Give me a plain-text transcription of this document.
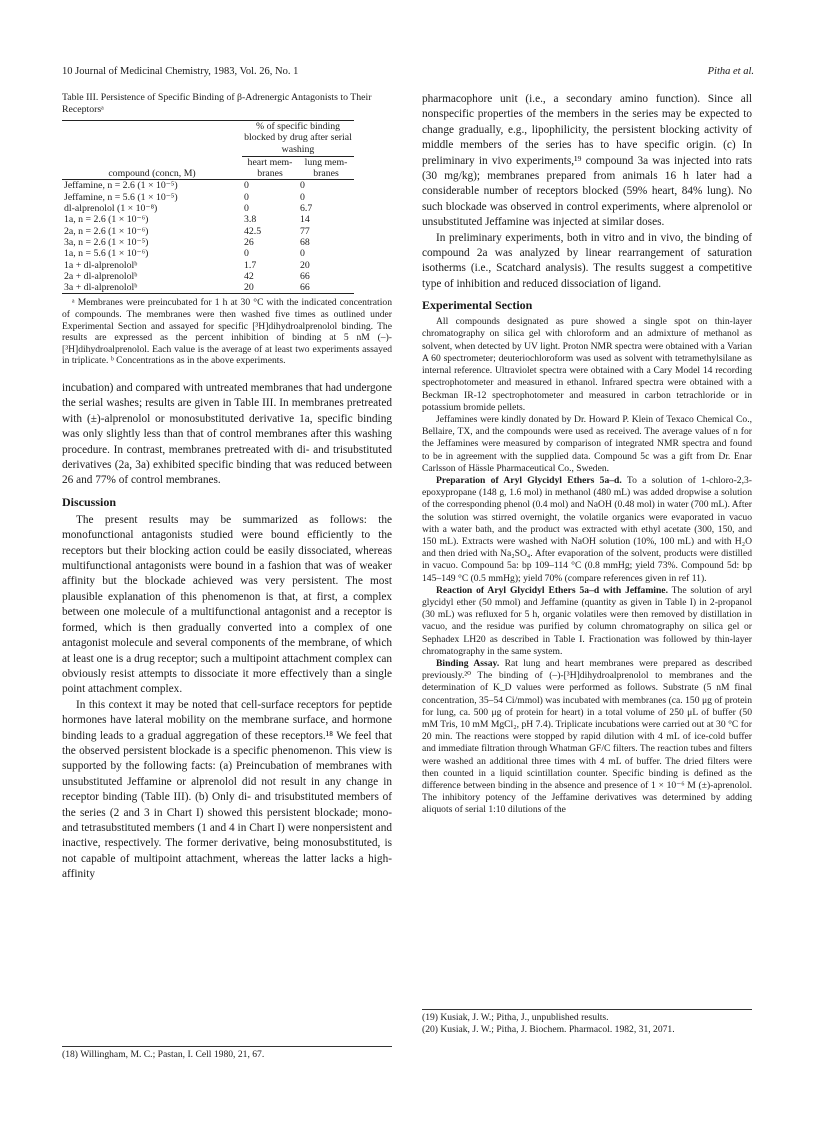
10 Journal of Medicinal Chemistry, 1983, Vol. 26, No. 1	Pitha et al.
Table III. Persistence of Specific Binding of β-Adrenergic Antagonists to Their Receptorsᵃ
	% of specific binding blocked by drug after serial washing	
compound (concn, M)	heart mem- branes	lung mem- branes
Jeffamine, n = 2.6 (1 × 10⁻⁵)	0	0
Jeffamine, n = 5.6 (1 × 10⁻⁵)	0	0
dl-alprenolol (1 × 10⁻⁸)	0	6.7
1a, n = 2.6 (1 × 10⁻⁶)	3.8	14
2a, n = 2.6 (1 × 10⁻⁶)	42.5	77
3a, n = 2.6 (1 × 10⁻⁵)	26	68
1a, n = 5.6 (1 × 10⁻⁶)	0	0
1a + dl-alprenololᵇ	1.7	20
2a + dl-alprenololᵇ	42	66
3a + dl-alprenololᵇ	20	66

ᵃ Membranes were preincubated for 1 h at 30 °C with the indicated concentration of compounds. The membranes were then washed five times as outlined under Experimental Section and assayed for specific [³H]dihydroalprenolol binding. The results are expressed as the percent inhibition of binding at 5 nM (–)-[³H]dihydroalprenolol. Each value is the average of at least two experiments assayed in triplicate. ᵇ Concentrations as in the above experiments.

incubation) and compared with untreated membranes that had undergone the serial washes; results are given in Table III. In membranes pretreated with (±)-alprenolol or monosubstituted derivative 1a, specific binding was only slightly less than that of control membranes after this washing procedure. In contrast, membranes pretreated with di- and trisubstituted derivatives (2a, 3a) exhibited specific binding that was reduced between 26 and 77% of control membranes.

Discussion

The present results may be summarized as follows: the monofunctional antagonists studied were bound efficiently to the receptors but their blocking action could be easily dissociated, whereas multifunctional antagonists were bound in a fashion that was of weaker affinity but the blockade achieved was very persistent. The most plausible explanation of this phenomenon is that, at first, a complex between one molecule of a multifunctional antagonist and a receptor is formed, which is then gradually converted into a complex of one antagonist molecule and several components of the membrane, of which at least one is a drug receptor; such a multipoint attachment complex can obviously resist attempts to dissociate it more effectively than a single point attachment complex.

In this context it may be noted that cell-surface receptors for peptide hormones have lateral mobility on the membrane surface, and hormone binding leads to a gradual aggregation of these receptors.¹⁸ We feel that the observed persistent blockade is a specific phenomenon. This view is supported by the following facts: (a) Preincubation of membranes with unsubstituted Jeffamine or alprenolol did not result in any change in receptor binding (Table III). (b) Only di- and trisubstituted members of the series (2 and 3 in Chart I) showed this persistent blockade; mono- and tetrasubstituted members (1 and 4 in Chart I) were nonpersistent and inactive, respectively. The former derivative, being monosubstituted, is not capable of multipoint attachment, whereas the latter lacks a high-affinity

(18) Willingham, M. C.; Pastan, I. Cell 1980, 21, 67.

pharmacophore unit (i.e., a secondary amino function). Since all nonspecific properties of the members in the series may be expected to change gradually, e.g., lipophilicity, the persistent blocking activity of middle members of the series has to have specific origin. (c) In preliminary in vivo experiments,¹⁹ compound 3a was injected into rats (30 mg/kg); membranes prepared from animals 16 h later had a considerable number of receptors blocked (59% heart, 84% lung). No such blockade was observed in control experiments, where alprenolol or unsubstituted Jeffamine was injected at similar doses.

In preliminary experiments, both in vitro and in vivo, the binding of compound 2a was analyzed by linear rearrangement of saturation isotherms (i.e., Scatchard analysis). The results suggest a competitive type of inhibition and reduced dissociation of ligand.

Experimental Section

All compounds designated as pure showed a single spot on thin-layer chromatography on silica gel with chloroform and an admixture of methanol as solvent, when detected by UV light. Proton NMR spectra were obtained with a Varian A 60 spectrometer; deuteriochloroform was used as solvent with tetramethylsilane as internal reference. Ultraviolet spectra were obtained with a Cary Model 14 recording spectrophotometer and measured in ethanol. Infrared spectra were obtained with a Beckman IR-12 spectrophotometer and measured in carbon tetrachloride or in potassium bromide pellets.

Jeffamines were kindly donated by Dr. Howard P. Klein of Texaco Chemical Co., Bellaire, TX, and the compounds were used as received. The average values of n for the Jeffamines were measured by comparison of integrated NMR spectra and found to be in agreement with the supplied data. Compound 5c was a gift from Dr. Enar Carlsson of Hässle Pharmaceutical Co., Sweden.

Preparation of Aryl Glycidyl Ethers 5a–d. To a solution of 1-chloro-2,3-epoxypropane (148 g, 1.6 mol) in methanol (480 mL) was added dropwise a solution of the corresponding phenol (0.4 mol) and NaOH (0.48 mol) in water (700 mL). After the solution was stirred overnight, the volatile organics were evaporated in vacuo with a water bath, and the product was extracted with ethyl acetate (300, 150, and 150 mL). Extracts were washed with NaOH solution (10%, 100 mL) and with H₂O and then dried with Na₂SO₄. After evaporation of the solvent, products were distilled in vacuo. Compound 5a: bp 109–114 °C (0.8 mmHg; yield 73%. Compound 5d: bp 145–149 °C (0.5 mmHg); yield 70% (compare references given in ref 11).

Reaction of Aryl Glycidyl Ethers 5a–d with Jeffamine. The solution of aryl glycidyl ether (50 mmol) and Jeffamine (quantity as given in Table I) in 2-propanol (30 mL) was refluxed for 5 h, organic volatiles were then removed by distillation in vacuo, and the residue was purified by column chromatography on silica gel or Sephadex LH20 as described in Table I. Fractionation was followed by thin-layer chromatography in the same system.

Binding Assay. Rat lung and heart membranes were prepared as described previously.²⁰ The binding of (–)-[³H]dihydroalprenolol to membranes and the determination of K_D values were performed as follows. Substrate (5 nM final concentration, 35–54 Ci/mmol) was incubated with membranes (ca. 150 μg of protein for lung, ca. 500 μg of protein for heart) in a total volume of 250 μL of buffer (50 mM Tris, 10 mM MgCl₂, pH 7.4). Triplicate incubations were carried out at 30 °C for 20 min. The reactions were stopped by rapid dilution with 4 mL of ice-cold buffer and immediate filtration through Whatman GF/C filters. The reaction tubes and filters were washed an additional three times with 4 mL of buffer. The dried filters were then counted in a liquid scintillation counter. Specific binding is defined as the difference between binding in the absence and presence of 1 × 10⁻⁶ M (±)-aprenolol. The inhibitory potency of the Jeffamine derivatives was determined by adding aliquots of serial 1:10 dilutions of the

(19) Kusiak, J. W.; Pitha, J., unpublished results.
(20) Kusiak, J. W.; Pitha, J. Biochem. Pharmacol. 1982, 31, 2071.
